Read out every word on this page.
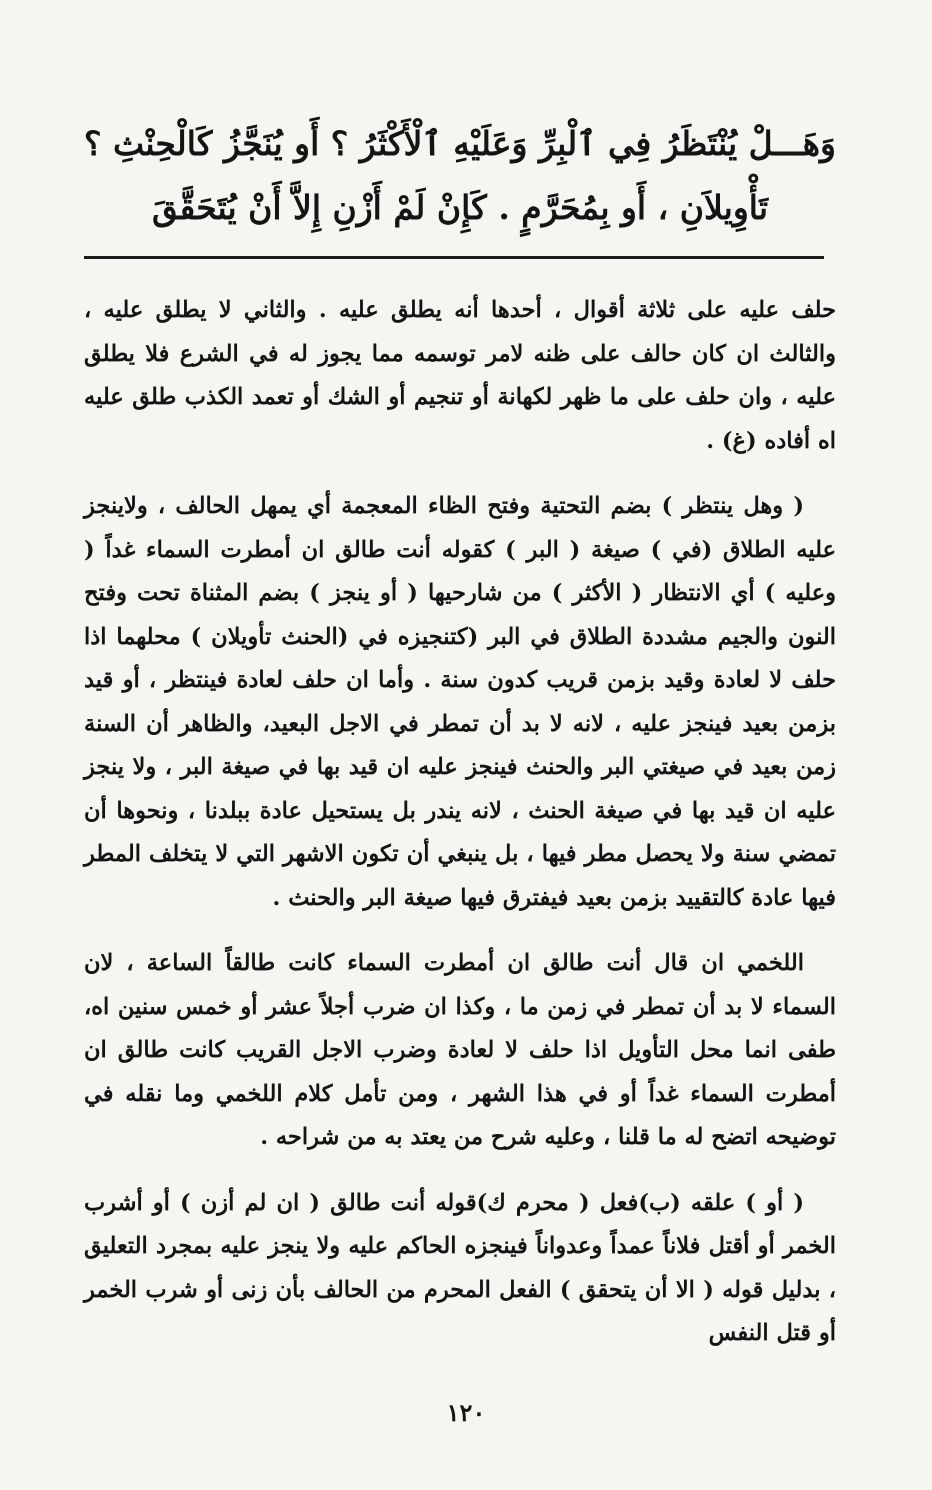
وَهَـــلْ يُنْتَظَرُ فِي ٱلْبِرِّ وَعَلَيْهِ ٱلْأَكْثَرُ ؟ أَو يُنَجَّزُ كَالْحِنْثِ ؟
تَأْوِيلاَنِ ، أَو بِمُحَرَّمٍ . كَإِنْ لَمْ أَزْنِ إِلاَّ أَنْ يُتَحَقَّقَ

حلف عليه على ثلاثة أقوال ، أحدها أنه يطلق عليه . والثاني لا يطلق عليه ، والثالث ان كان حالف على ظنه لامر توسمه مما يجوز له في الشرع فلا يطلق عليه ، وان حلف على ما ظهر لكهانة أو تنجيم أو الشك أو تعمد الكذب طلق عليه اه أفاده (غ) .

( وهل ينتظر ) بضم التحتية وفتح الظاء المعجمة أي يمهل الحالف ، ولاينجز عليه الطلاق (في ) صيغة ( البر ) كقوله أنت طالق ان أمطرت السماء غداً ( وعليه ) أي الانتظار ( الأكثر ) من شارحيها ( أو ينجز ) بضم المثناة تحت وفتح النون والجيم مشددة الطلاق في البر (كتنجيزه في (الحنث تأويلان ) محلهما اذا حلف لا لعادة وقيد بزمن قريب كدون سنة . وأما ان حلف لعادة فينتظر ، أو قيد بزمن بعيد فينجز عليه ، لانه لا بد أن تمطر في الاجل البعيد، والظاهر أن السنة زمن بعيد في صيغتي البر والحنث فينجز عليه ان قيد بها في صيغة البر ، ولا ينجز عليه ان قيد بها في صيغة الحنث ، لانه يندر بل يستحيل عادة ببلدنا ، ونحوها أن تمضي سنة ولا يحصل مطر فيها ، بل ينبغي أن تكون الاشهر التي لا يتخلف المطر فيها عادة كالتقييد بزمن بعيد فيفترق فيها صيغة البر والحنث .

اللخمي ان قال أنت طالق ان أمطرت السماء كانت طالقاً الساعة ، لان السماء لا بد أن تمطر في زمن ما ، وكذا ان ضرب أجلاً عشر أو خمس سنين اه، طفى انما محل التأويل اذا حلف لا لعادة وضرب الاجل القريب كانت طالق ان أمطرت السماء غداً أو في هذا الشهر ، ومن تأمل كلام اللخمي وما نقله في توضيحه اتضح له ما قلنا ، وعليه شرح من يعتد به من شراحه .

( أو ) علقه (ب)فعل ( محرم ك)قوله أنت طالق ( ان لم أزن ) أو أشرب الخمر أو أقتل فلاناً عمداً وعدواناً فينجزه الحاكم عليه ولا ينجز عليه بمجرد التعليق ، بدليل قوله ( الا أن يتحقق ) الفعل المحرم من الحالف بأن زنى أو شرب الخمر أو قتل النفس

١٢٠
